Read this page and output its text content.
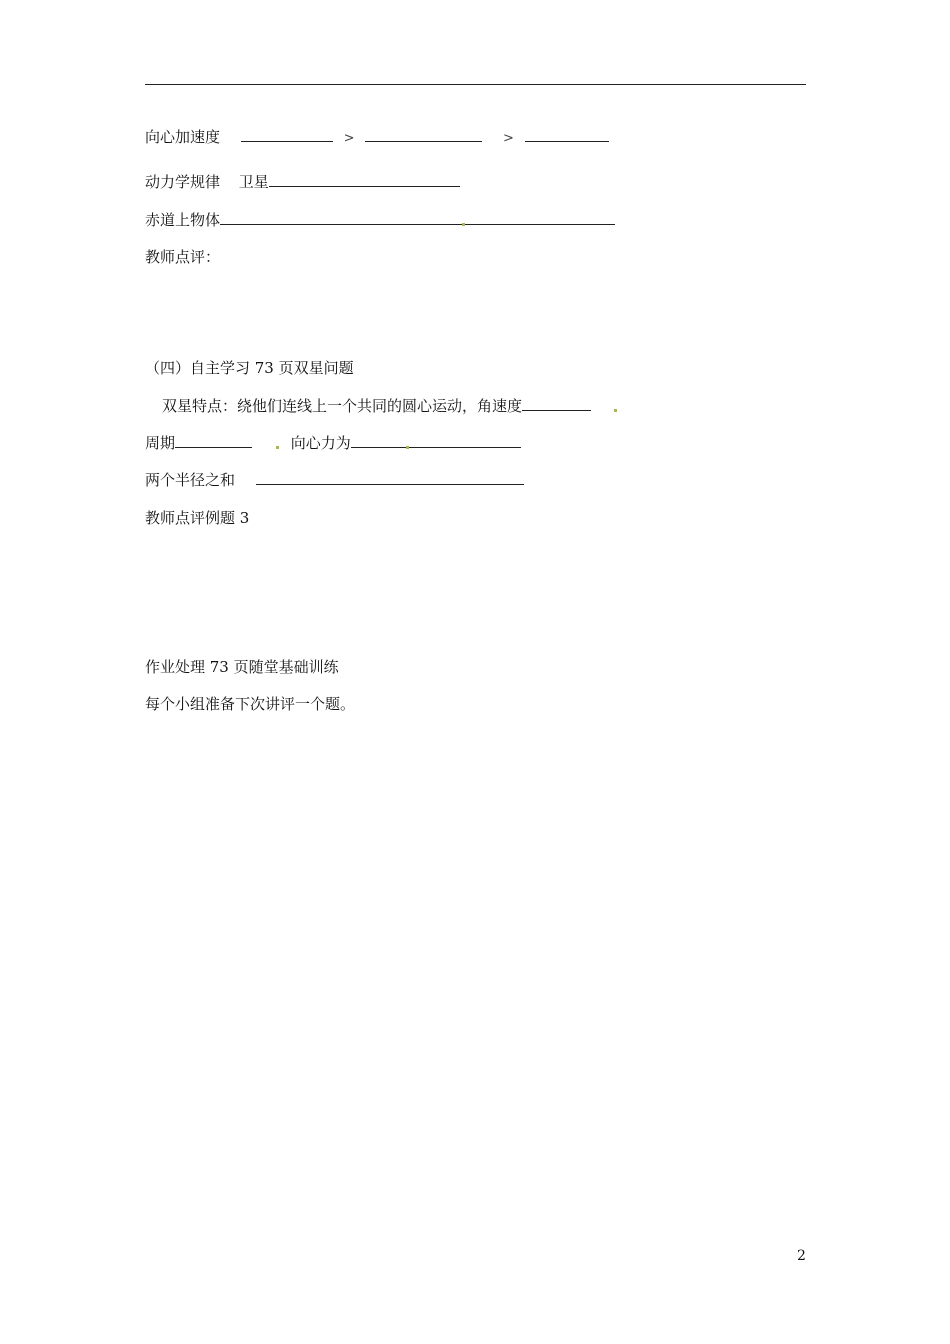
向心加速度	>	>
动力学规律 卫星
赤道上物体
教师点评：
（四）自主学习 73 页双星问题
双星特点：绕他们连线上一个共同的圆心运动，角速度
周期	向心力为
两个半径之和
教师点评例题 3
作业处理 73 页随堂基础训练
每个小组准备下次讲评一个题。
2
